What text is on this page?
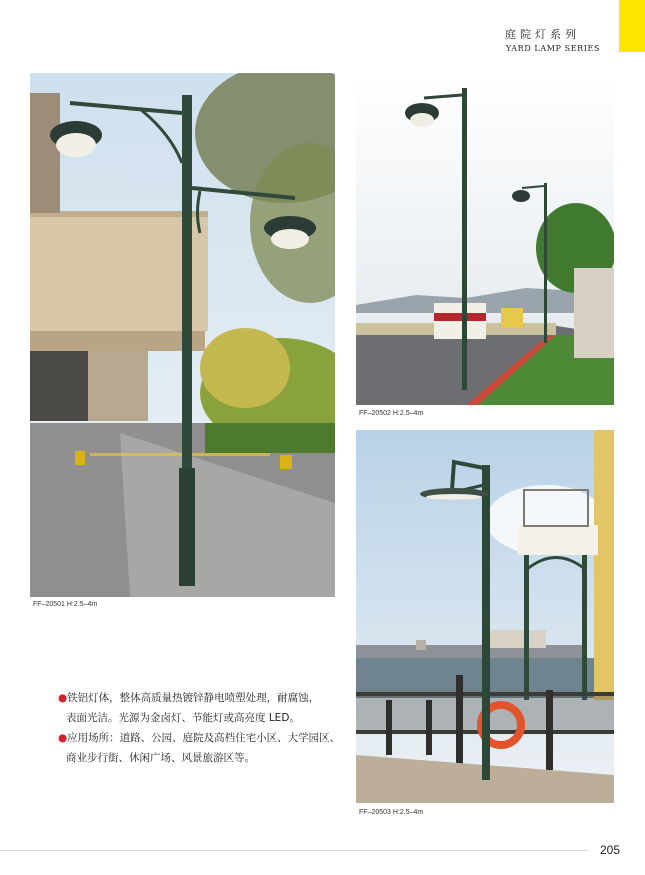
庭院灯系列
YARD LAMP SERIES
FF–20501 H:2.5–4m
FF–20502 H:2.5–4m
FF–20503 H:2.5–4m

●铁铝灯体，整体高质量热镀锌静电喷塑处理，耐腐蚀，

表面光洁。光源为金卤灯、节能灯或高亮度 LED。

●应用场所：道路、公园、庭院及高档住宅小区、大学园区、

商业步行街、休闲广场、风景旅游区等。

205
